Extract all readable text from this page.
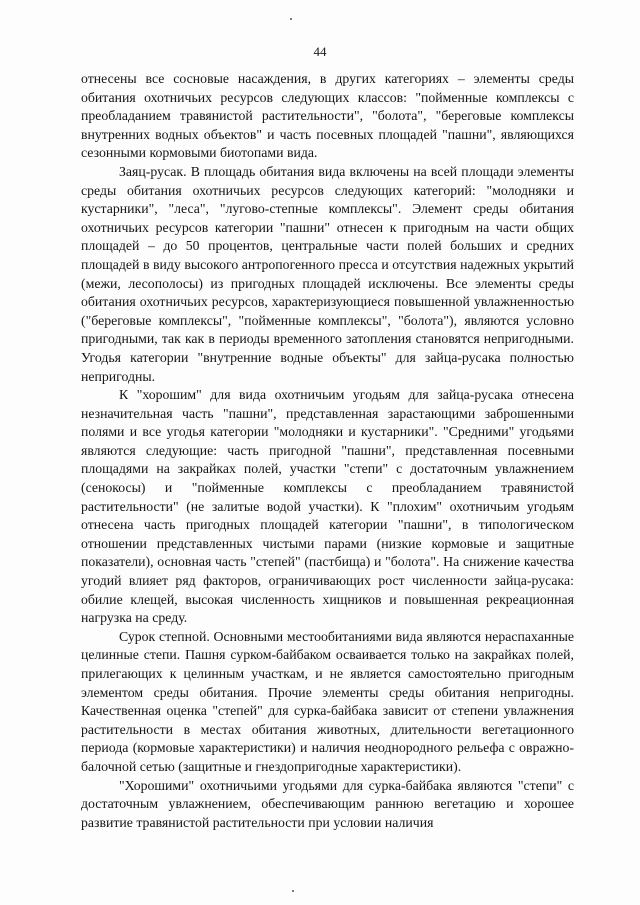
44

отнесены все сосновые насаждения, в других категориях – элементы среды обитания охотничьих ресурсов следующих классов: "пойменные комплексы с преобладанием травянистой растительности", "болота", "береговые комплексы внутренних водных объектов" и часть посевных площадей "пашни", являющихся сезонными кормовыми биотопами вида.

Заяц-русак. В площадь обитания вида включены на всей площади элементы среды обитания охотничьих ресурсов следующих категорий: "молодняки и кустарники", "леса", "лугово-степные комплексы". Элемент среды обитания охотничьих ресурсов категории "пашни" отнесен к пригодным на части общих площадей – до 50 процентов, центральные части полей больших и средних площадей в виду высокого антропогенного пресса и отсутствия надежных укрытий (межи, лесополосы) из пригодных площадей исключены. Все элементы среды обитания охотничьих ресурсов, характеризующиеся повышенной увлажненностью ("береговые комплексы", "пойменные комплексы", "болота"), являются условно пригодными, так как в периоды временного затопления становятся непригодными. Угодья категории "внутренние водные объекты" для зайца-русака полностью непригодны.

К "хорошим" для вида охотничьим угодьям для зайца-русака отнесена незначительная часть "пашни", представленная зарастающими заброшенными полями и все угодья категории "молодняки и кустарники". "Средними" угодьями являются следующие: часть пригодной "пашни", представленная посевными площадями на закрайках полей, участки "степи" с достаточным увлажнением (сенокосы) и "пойменные комплексы с преобладанием травянистой растительности" (не залитые водой участки). К "плохим" охотничьим угодьям отнесена часть пригодных площадей категории "пашни", в типологическом отношении представленных чистыми парами (низкие кормовые и защитные показатели), основная часть "степей" (пастбища) и "болота". На снижение качества угодий влияет ряд факторов, ограничивающих рост численности зайца-русака: обилие клещей, высокая численность хищников и повышенная рекреационная нагрузка на среду.

Сурок степной. Основными местообитаниями вида являются нераспаханные целинные степи. Пашня сурком-байбаком осваивается только на закрайках полей, прилегающих к целинным участкам, и не является самостоятельно пригодным элементом среды обитания. Прочие элементы среды обитания непригодны. Качественная оценка "степей" для сурка-байбака зависит от степени увлажнения растительности в местах обитания животных, длительности вегетационного периода (кормовые характеристики) и наличия неоднородного рельефа с овражно-балочной сетью (защитные и гнездопригодные характеристики).

"Хорошими" охотничьими угодьями для сурка-байбака являются "степи" с достаточным увлажнением, обеспечивающим раннюю вегетацию и хорошее развитие травянистой растительности при условии наличия
